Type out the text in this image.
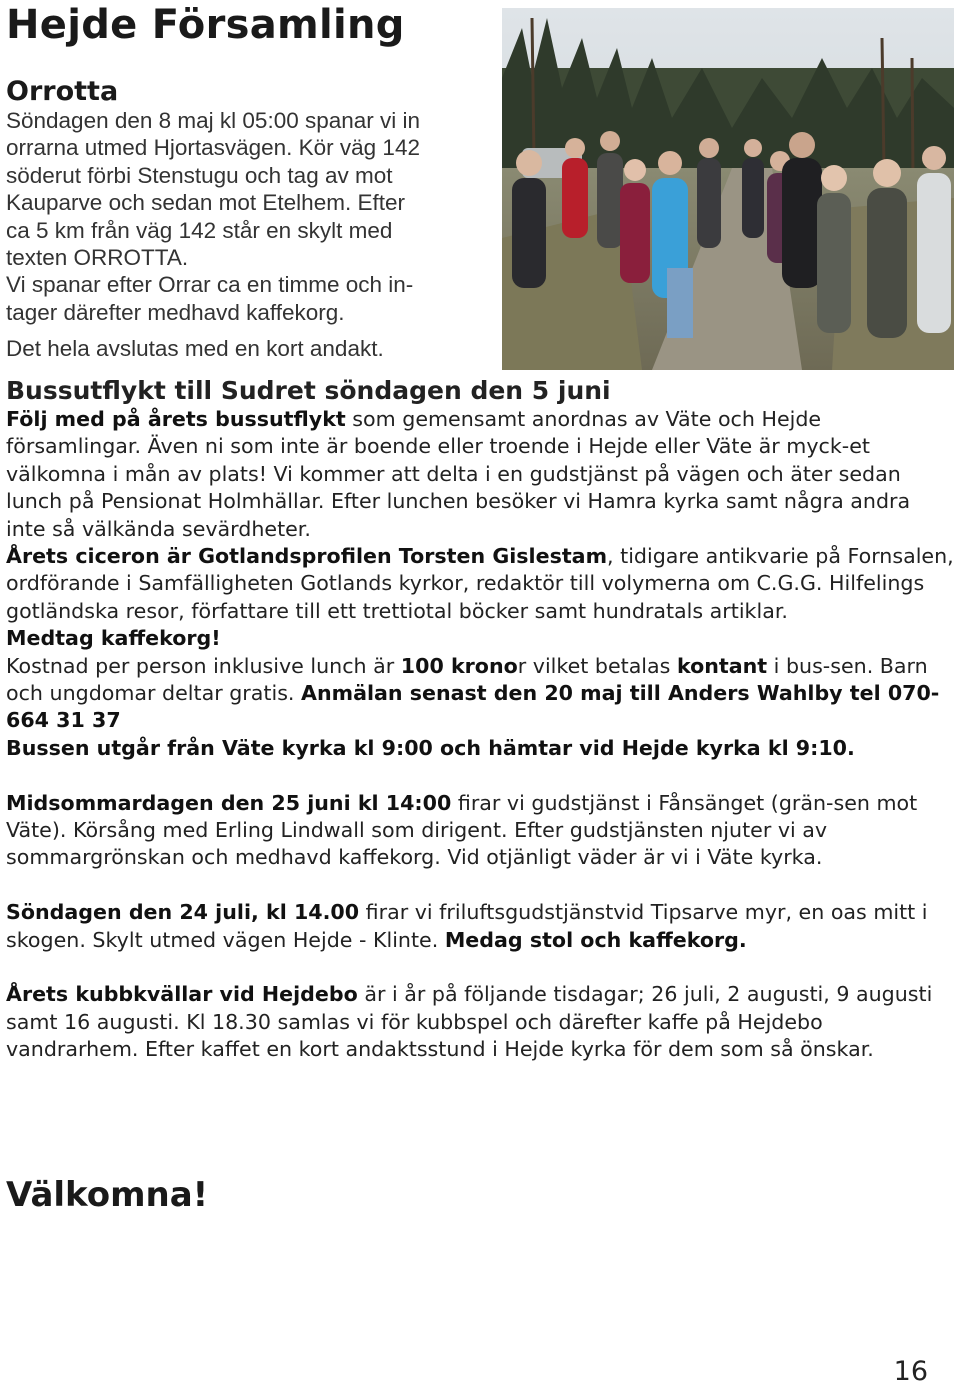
Hejde Församling
Orrotta

Söndagen den 8 maj kl 05:00 spanar vi in

orrarna utmed Hjortasvägen. Kör väg 142

söderut förbi Stenstugu och tag av mot

Kauparve och sedan mot Etelhem. Efter

ca 5 km från väg 142 står en skylt med

texten ORROTTA.

Vi spanar efter Orrar ca en timme och in-

tager därefter medhavd kaffekorg.

Det hela avslutas med en kort andakt.

Bussutflykt till Sudret söndagen den 5 juni

Följ med på årets bussutflykt som gemensamt anordnas av Väte och Hejde församlingar. Även ni som inte är boende eller troende i Hejde eller Väte är myck-et välkomna i mån av plats! Vi kommer att delta i en gudstjänst på vägen och äter sedan lunch på Pensionat Holmhällar. Efter lunchen besöker vi Hamra kyrka samt några andra inte så välkända sevärdheter.

Årets ciceron är Gotlandsprofilen Torsten Gislestam, tidigare antikvarie på Fornsalen, ordförande i Samfälligheten Gotlands kyrkor, redaktör till volymerna om C.G.G. Hilfelings gotländska resor, författare till ett trettiotal böcker samt hundratals artiklar.

Medtag kaffekorg!

Kostnad per person inklusive lunch är 100 kronor vilket betalas kontant i bus-sen. Barn och ungdomar deltar gratis. Anmälan senast den 20 maj till Anders Wahlby tel 070-664 31 37

Bussen utgår från Väte kyrka kl 9:00 och hämtar vid Hejde kyrka kl 9:10.

Midsommardagen den 25 juni kl 14:00 firar vi gudstjänst i Fånsänget (grän-sen mot Väte). Körsång med Erling Lindwall som dirigent. Efter gudstjänsten njuter vi av sommargrönskan och medhavd kaffekorg. Vid otjänligt väder är vi i Väte kyrka.

Söndagen den 24 juli, kl 14.00 firar vi friluftsgudstjänstvid Tipsarve myr, en oas mitt i skogen. Skylt utmed vägen Hejde - Klinte. Medag stol och kaffekorg.

Årets kubbkvällar vid Hejdebo är i år på följande tisdagar; 26 juli, 2 augusti, 9 augusti samt 16 augusti. Kl 18.30 samlas vi för kubbspel och därefter kaffe på Hejdebo vandrarhem. Efter kaffet en kort andaktsstund i Hejde kyrka för dem som så önskar.

Välkomna!
16
